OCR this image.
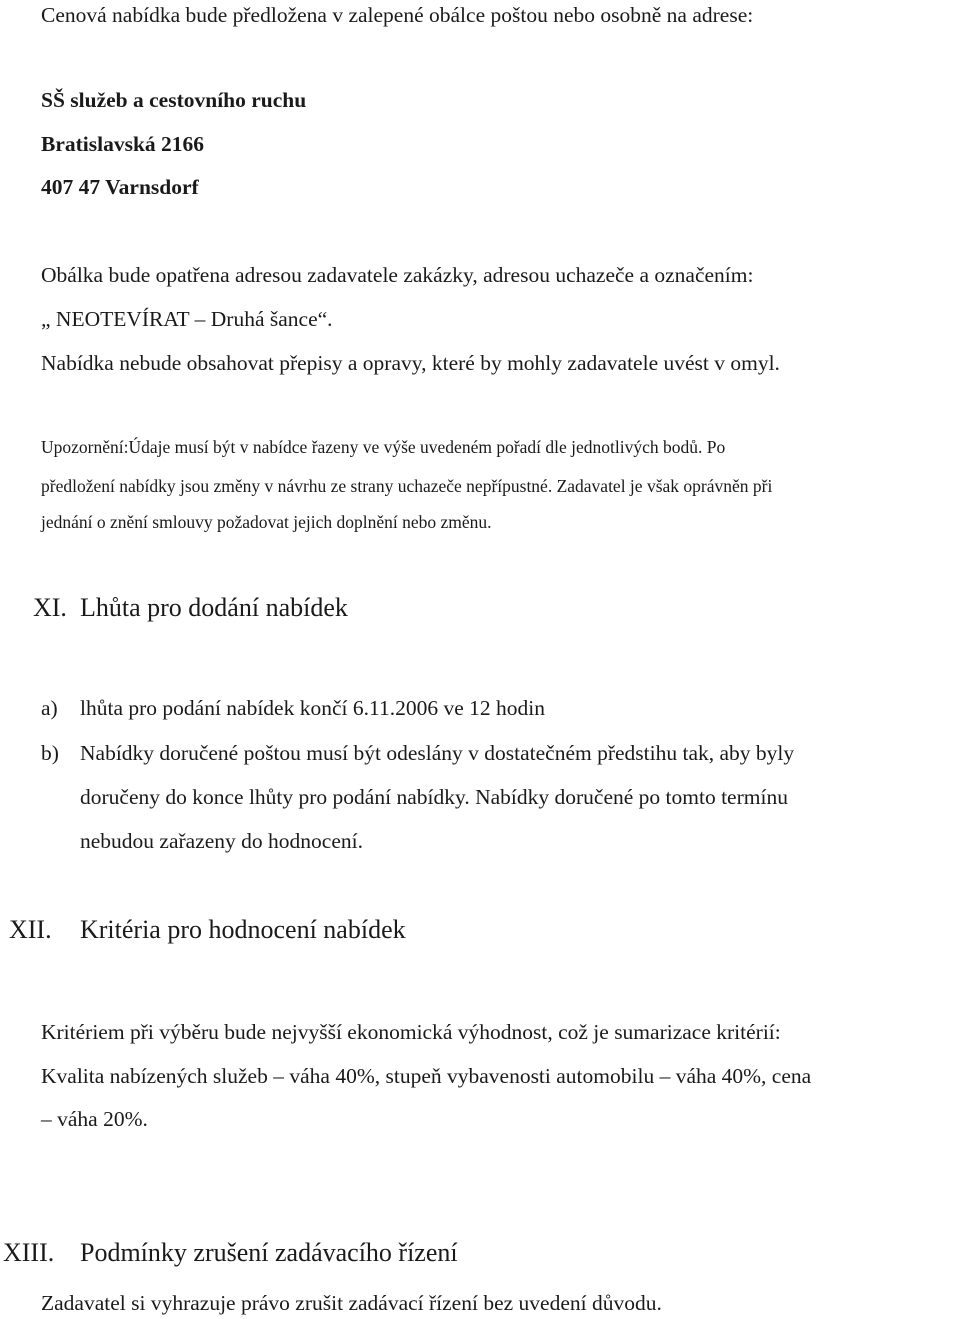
Cenová nabídka bude předložena v zalepené obálce poštou nebo osobně na adrese:
SŠ služeb a cestovního ruchu
Bratislavská 2166
407 47 Varnsdorf
Obálka bude opatřena adresou zadavatele zakázky, adresou uchazeče a označením:
„ NEOTEVÍRAT – Druhá šance“.
Nabídka nebude obsahovat přepisy a opravy, které by mohly zadavatele uvést v omyl.
Upozornění:Údaje musí být v nabídce řazeny ve výše uvedeném pořadí dle jednotlivých bodů. Po
předložení nabídky jsou změny v návrhu ze strany uchazeče nepřípustné. Zadavatel je však oprávněn při
jednání o znění smlouvy požadovat jejich doplnění nebo změnu.
XI. Lhůta pro dodání nabídek
a) lhůta pro podání nabídek končí 6.11.2006 ve 12 hodin
b) Nabídky doručené poštou musí být odeslány v dostatečném předstihu tak, aby byly
doručeny do konce lhůty pro podání nabídky. Nabídky doručené po tomto termínu
nebudou zařazeny do hodnocení.
XII. Kritéria pro hodnocení nabídek
Kritériem při výběru bude nejvyšší ekonomická výhodnost, což je sumarizace kritérií:
Kvalita nabízených služeb – váha 40%, stupeň vybavenosti automobilu – váha 40%, cena
– váha 20%.
XIII. Podmínky zrušení zadávacího řízení
Zadavatel si vyhrazuje právo zrušit zadávací řízení bez uvedení důvodu.
